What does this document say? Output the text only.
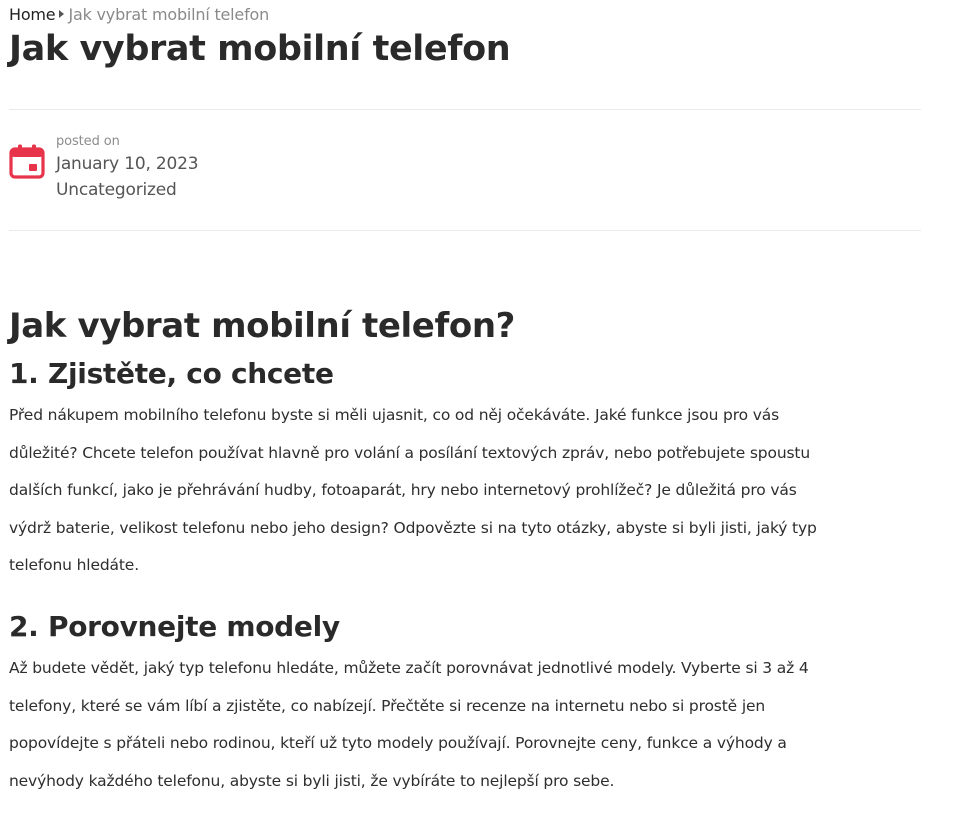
Home Jak vybrat mobilní telefon
Jak vybrat mobilní telefon
posted on
January 10, 2023
Uncategorized
Jak vybrat mobilní telefon?
1. Zjistěte, co chcete

Před nákupem mobilního telefonu byste si měli ujasnit, co od něj očekáváte. Jaké funkce jsou pro vás
důležité? Chcete telefon používat hlavně pro volání a posílání textových zpráv, nebo potřebujete spoustu
dalších funkcí, jako je přehrávání hudby, fotoaparát, hry nebo internetový prohlížeč? Je důležitá pro vás
výdrž baterie, velikost telefonu nebo jeho design? Odpovězte si na tyto otázky, abyste si byli jisti, jaký typ
telefonu hledáte.

2. Porovnejte modely

Až budete vědět, jaký typ telefonu hledáte, můžete začít porovnávat jednotlivé modely. Vyberte si 3 až 4
telefony, které se vám líbí a zjistěte, co nabízejí. Přečtěte si recenze na internetu nebo si prostě jen
popovídejte s přáteli nebo rodinou, kteří už tyto modely používají. Porovnejte ceny, funkce a výhody a
nevýhody každého telefonu, abyste si byli jisti, že vybíráte to nejlepší pro sebe.
